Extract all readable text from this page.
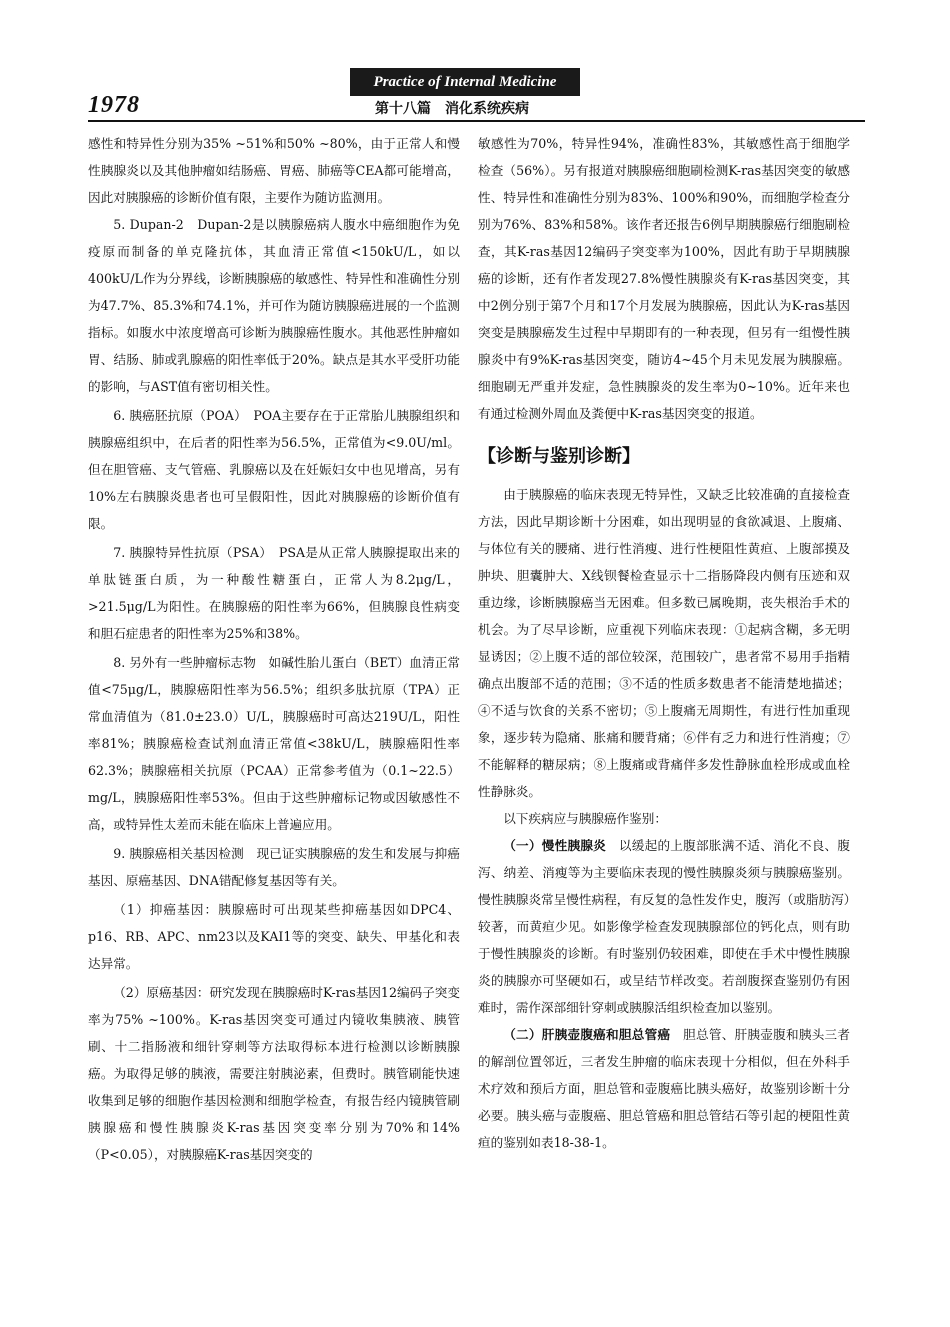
Practice of Internal Medicine
1978	第十八篇　消化系统疾病

感性和特异性分别为35% ~51%和50% ~80%，由于正常人和慢性胰腺炎以及其他肿瘤如结肠癌、胃癌、肺癌等CEA都可能增高，因此对胰腺癌的诊断价值有限，主要作为随访监测用。

5. Dupan-2　Dupan-2是以胰腺癌病人腹水中癌细胞作为免疫原而制备的单克隆抗体，其血清正常值<150kU/L，如以400kU/L作为分界线，诊断胰腺癌的敏感性、特异性和准确性分别为47.7%、85.3%和74.1%，并可作为随访胰腺癌进展的一个监测指标。如腹水中浓度增高可诊断为胰腺癌性腹水。其他恶性肿瘤如胃、结肠、肺或乳腺癌的阳性率低于20%。缺点是其水平受肝功能的影响，与AST值有密切相关性。

6. 胰癌胚抗原（POA）　POA主要存在于正常胎儿胰腺组织和胰腺癌组织中，在后者的阳性率为56.5%，正常值为<9.0U/ml。但在胆管癌、支气管癌、乳腺癌以及在妊娠妇女中也见增高，另有10%左右胰腺炎患者也可呈假阳性，因此对胰腺癌的诊断价值有限。

7. 胰腺特异性抗原（PSA）　PSA是从正常人胰腺提取出来的单肽链蛋白质，为一种酸性糖蛋白，正常人为8.2μg/L，>21.5μg/L为阳性。在胰腺癌的阳性率为66%，但胰腺良性病变和胆石症患者的阳性率为25%和38%。

8. 另外有一些肿瘤标志物　如碱性胎儿蛋白（BET）血清正常值<75μg/L，胰腺癌阳性率为56.5%；组织多肽抗原（TPA）正常血清值为（81.0±23.0）U/L，胰腺癌时可高达219U/L，阳性率81%；胰腺癌检查试剂血清正常值<38kU/L，胰腺癌阳性率62.3%；胰腺癌相关抗原（PCAA）正常参考值为（0.1~22.5）mg/L，胰腺癌阳性率53%。但由于这些肿瘤标记物或因敏感性不高，或特异性太差而未能在临床上普遍应用。

9. 胰腺癌相关基因检测　现已证实胰腺癌的发生和发展与抑癌基因、原癌基因、DNA错配修复基因等有关。

（1）抑癌基因：胰腺癌时可出现某些抑癌基因如DPC4、p16、RB、APC、nm23以及KAI1等的突变、缺失、甲基化和表达异常。

（2）原癌基因：研究发现在胰腺癌时K-ras基因12编码子突变率为75% ~100%。K-ras基因突变可通过内镜收集胰液、胰管刷、十二指肠液和细针穿刺等方法取得标本进行检测以诊断胰腺癌。为取得足够的胰液，需要注射胰泌素，但费时。胰管刷能快速收集到足够的细胞作基因检测和细胞学检查，有报告经内镜胰管刷胰腺癌和慢性胰腺炎K-ras基因突变率分别为70%和14%（P<0.05），对胰腺癌K-ras基因突变的

敏感性为70%，特异性94%，准确性83%，其敏感性高于细胞学检查（56%）。另有报道对胰腺癌细胞刷检测K-ras基因突变的敏感性、特异性和准确性分别为83%、100%和90%，而细胞学检查分别为76%、83%和58%。该作者还报告6例早期胰腺癌行细胞刷检查，其K-ras基因12编码子突变率为100%，因此有助于早期胰腺癌的诊断，还有作者发现27.8%慢性胰腺炎有K-ras基因突变，其中2例分别于第7个月和17个月发展为胰腺癌，因此认为K-ras基因突变是胰腺癌发生过程中早期即有的一种表现，但另有一组慢性胰腺炎中有9%K-ras基因突变，随访4~45个月未见发展为胰腺癌。细胞刷无严重并发症，急性胰腺炎的发生率为0~10%。近年来也有通过检测外周血及粪便中K-ras基因突变的报道。

【诊断与鉴别诊断】

由于胰腺癌的临床表现无特异性，又缺乏比较准确的直接检查方法，因此早期诊断十分困难，如出现明显的食欲减退、上腹痛、与体位有关的腰痛、进行性消瘦、进行性梗阻性黄疸、上腹部摸及肿块、胆囊肿大、X线钡餐检查显示十二指肠降段内侧有压迹和双重边缘，诊断胰腺癌当无困难。但多数已属晚期，丧失根治手术的机会。为了尽早诊断，应重视下列临床表现：①起病含糊，多无明显诱因；②上腹不适的部位较深，范围较广，患者常不易用手指精确点出腹部不适的范围；③不适的性质多数患者不能清楚地描述；④不适与饮食的关系不密切；⑤上腹痛无周期性，有进行性加重现象，逐步转为隐痛、胀痛和腰背痛；⑥伴有乏力和进行性消瘦；⑦不能解释的糖尿病；⑧上腹痛或背痛伴多发性静脉血栓形成或血栓性静脉炎。

以下疾病应与胰腺癌作鉴别：

（一）慢性胰腺炎　以缓起的上腹部胀满不适、消化不良、腹泻、纳差、消瘦等为主要临床表现的慢性胰腺炎须与胰腺癌鉴别。慢性胰腺炎常呈慢性病程，有反复的急性发作史，腹泻（或脂肪泻）较著，而黄疸少见。如影像学检查发现胰腺部位的钙化点，则有助于慢性胰腺炎的诊断。有时鉴别仍较困难，即使在手术中慢性胰腺炎的胰腺亦可坚硬如石，或呈结节样改变。若剖腹探查鉴别仍有困难时，需作深部细针穿刺或胰腺活组织检查加以鉴别。

（二）肝胰壶腹癌和胆总管癌　胆总管、肝胰壶腹和胰头三者的解剖位置邻近，三者发生肿瘤的临床表现十分相似，但在外科手术疗效和预后方面，胆总管和壶腹癌比胰头癌好，故鉴别诊断十分必要。胰头癌与壶腹癌、胆总管癌和胆总管结石等引起的梗阻性黄疸的鉴别如表18-38-1。
